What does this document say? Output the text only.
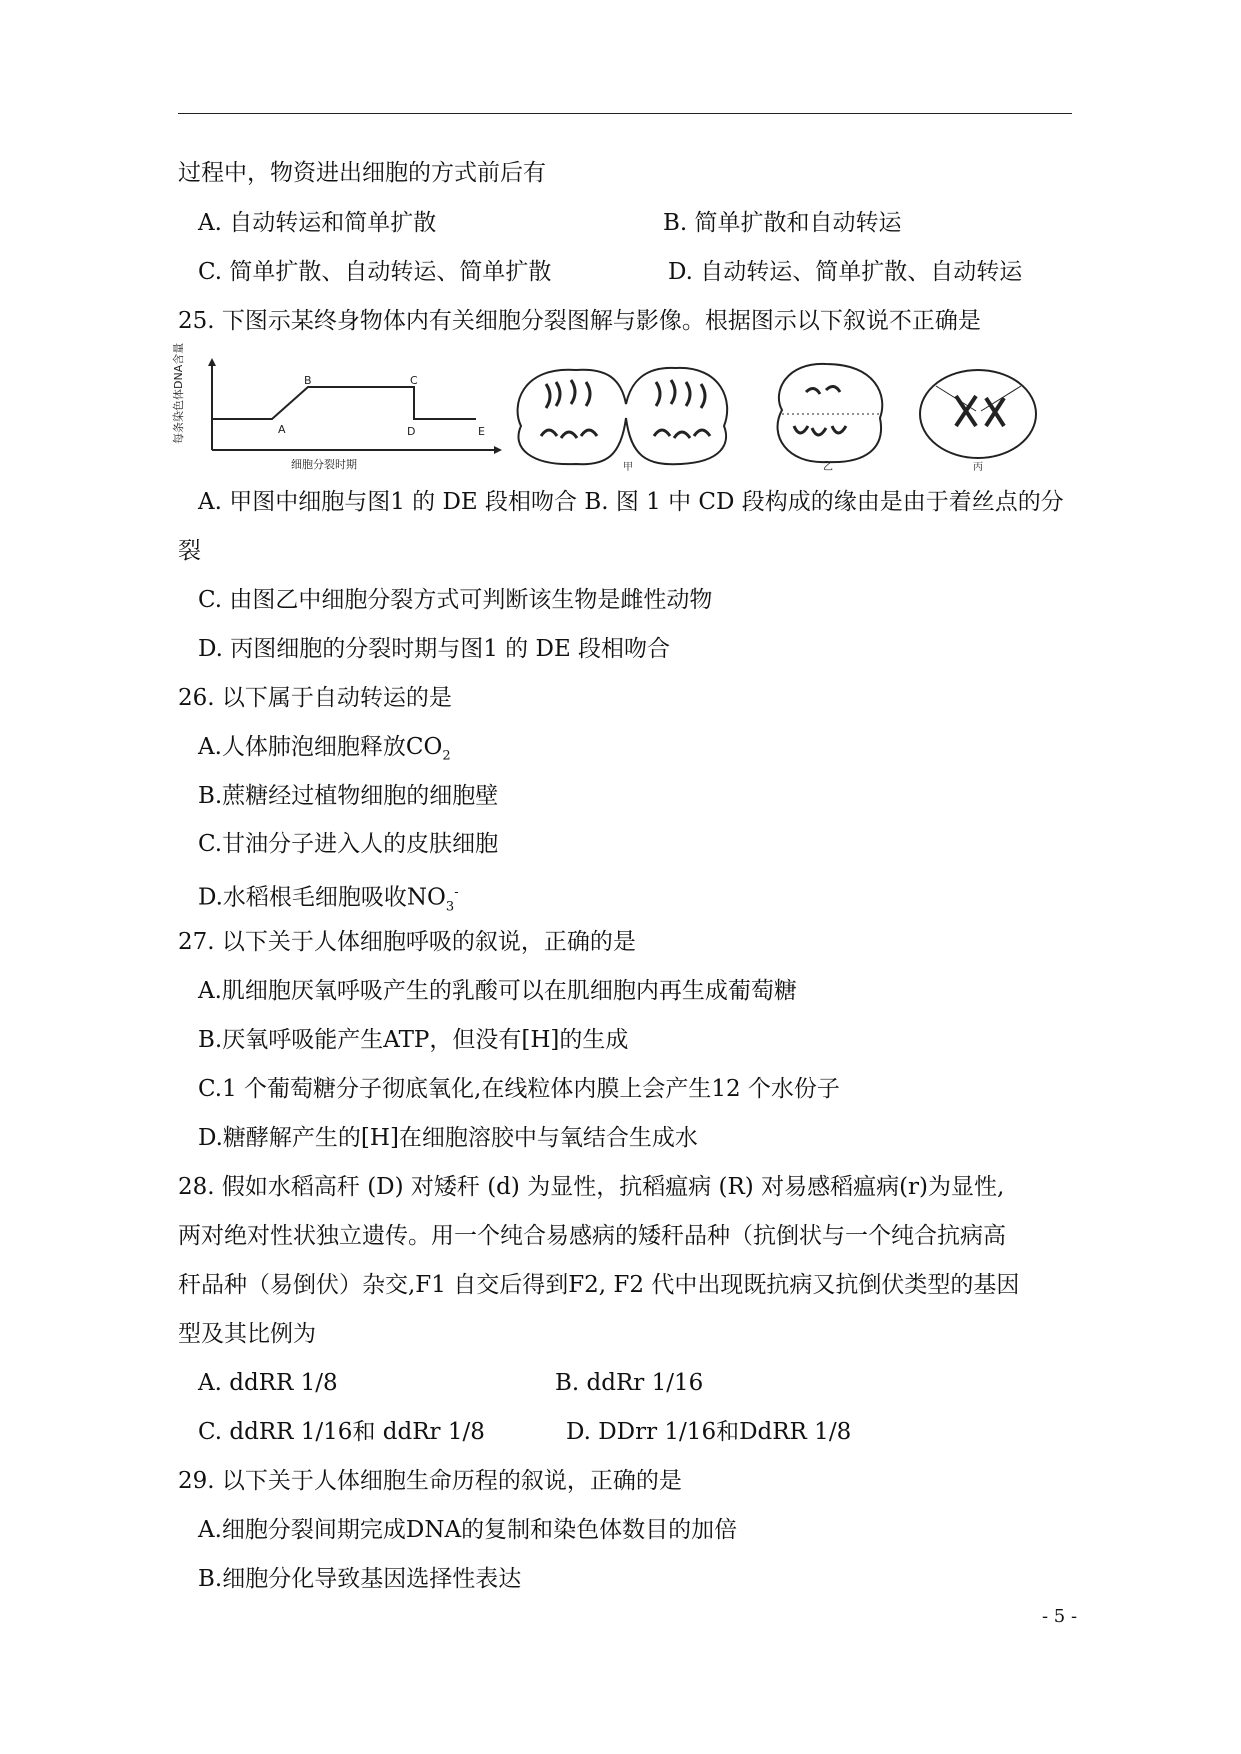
过程中，物资进出细胞的方式前后有
A. 自动转运和简单扩散	B. 简单扩散和自动转运
C. 简单扩散、自动转运、简单扩散	D. 自动转运、简单扩散、自动转运
25. 下图示某终身物体内有关细胞分裂图解与影像。根据图示以下叙说不正确是
每条染色体DNA含量
细胞分裂时期
A
B	C
D	E
甲	乙	丙
A. 甲图中细胞与图1 的 DE 段相吻合 B. 图 1 中 CD 段构成的缘由是由于着丝点的分
裂
C. 由图乙中细胞分裂方式可判断该生物是雌性动物
D. 丙图细胞的分裂时期与图1 的 DE 段相吻合
26. 以下属于自动转运的是
A.人体肺泡细胞释放$CO_2$
B.蔗糖经过植物细胞的细胞壁
C.甘油分子进入人的皮肤细胞
D.水稻根毛细胞吸收$NO_3^-$
27. 以下关于人体细胞呼吸的叙说，正确的是
A.肌细胞厌氧呼吸产生的乳酸可以在肌细胞内再生成葡萄糖
B.厌氧呼吸能产生ATP，但没有[H]的生成
C.1 个葡萄糖分子彻底氧化,在线粒体内膜上会产生12 个水份子
D.糖酵解产生的[H]在细胞溶胶中与氧结合生成水
28. 假如水稻高秆 (D) 对矮秆 (d) 为显性，抗稻瘟病 (R) 对易感稻瘟病(r)为显性,
两对绝对性状独立遗传。用一个纯合易感病的矮秆品种（抗倒状与一个纯合抗病高
秆品种（易倒伏）杂交,F1 自交后得到F2, F2 代中出现既抗病又抗倒伏类型的基因
型及其比例为
A. ddRR 1/8	B. ddRr 1/16
C. ddRR 1/16和 ddRr 1/8	D. DDrr 1/16和DdRR 1/8
29. 以下关于人体细胞生命历程的叙说，正确的是
A.细胞分裂间期完成DNA的复制和染色体数目的加倍
B.细胞分化导致基因选择性表达
- 5 -
